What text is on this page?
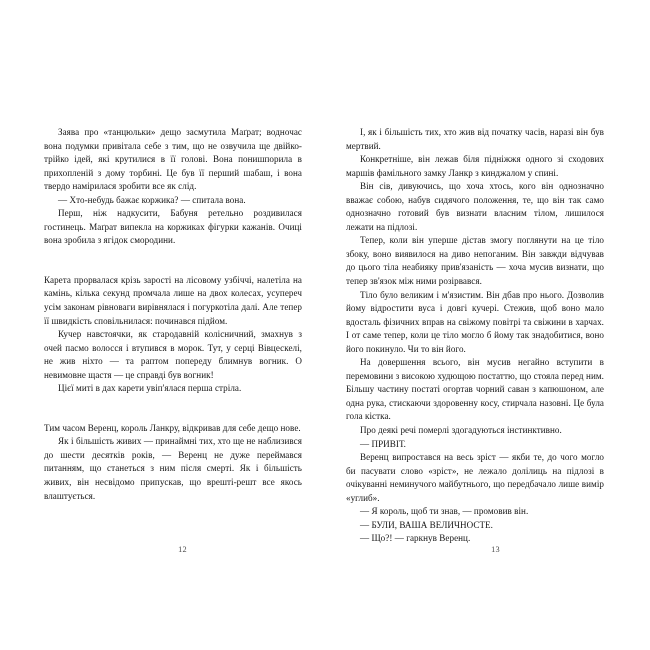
Заява про «танцюльки» дещо засмутила Маґрат; водночас вона подумки привітала себе з тим, що не озвучила ще двійко-трійко ідей, які крутилися в її голові. Вона понишпорила в прихопленій з дому торбині. Це був її перший шабаш, і вона твердо намірилася зробити все як слід.

— Хто-небудь бажає коржика? — спитала вона.

Перш, ніж надкусити, Бабуня ретельно роздивилася гостинець. Маґрат випекла на коржиках фігурки кажанів. Очиці вона зробила з ягідок смородини.

Карета прорвалася крізь зарості на лісовому узбіччі, налетіла на камінь, кілька секунд промчала лише на двох колесах, усупереч усім законам рівноваги вирівнялася і погуркотіла далі. Але тепер її швидкість сповільнилася: починався підйом.

Кучер навстоячки, як стародавній колісничний, змахнув з очей пасмо волосся і втупився в морок. Тут, у серці Вівцескелі, не жив ніхто — та раптом попереду блимнув вогник. О невимовне щастя — це справді був вогник!

Цієї миті в дах карети увіп'ялася перша стріла.

Тим часом Веренц, король Ланкру, відкривав для себе дещо нове.

Як і більшість живих — принаймні тих, хто ще не наблизився до шести десятків років, — Веренц не дуже переймався питанням, що станеться з ним після смерті. Як і більшість живих, він несвідомо припускав, що врешті-решт все якось влаштується.

12

І, як і більшість тих, хто жив від початку часів, наразі він був мертвий.

Конкретніше, він лежав біля підніжжя одного зі сходових маршів фамільного замку Ланкр з кинджалом у спині.

Він сів, дивуючись, що хоча хтось, кого він однозначно вважає собою, набув сидячого положення, те, що він так само однозначно готовий був визнати власним тілом, лишилося лежати на підлозі.

Тепер, коли він уперше дістав змогу поглянути на це тіло збоку, воно виявилося на диво непоганим. Він завжди відчував до цього тіла неабияку прив'язаність — хоча мусив визнати, що тепер зв'язок між ними розірвався.

Тіло було великим і м'язистим. Він дбав про нього. Дозволив йому відростити вуса і довгі кучері. Стежив, щоб воно мало вдосталь фізичних вправ на свіжому повітрі та свіжини в харчах. І от саме тепер, коли це тіло могло б йому так знадобитися, воно його покинуло. Чи то він його.

На довершення всього, він мусив негайно вступити в перемовини з високою худющою постаттю, що стояла перед ним. Більшу частину постаті огортав чорний саван з капюшоном, але одна рука, стискаючи здоровенну косу, стирчала назовні. Це була гола кістка.

Про деякі речі померлі здогадуються інстинктивно.

— ПРИВІТ.

Веренц випростався на весь зріст — якби те, до чого могло би пасувати слово «зріст», не лежало долілиць на підлозі в очікуванні неминучого майбутнього, що передбачало лише вимір «углиб».

— Я король, щоб ти знав, — промовив він.

— БУЛИ, ВАША ВЕЛИЧНОСТЕ.

— Що?! — гаркнув Веренц.

13
